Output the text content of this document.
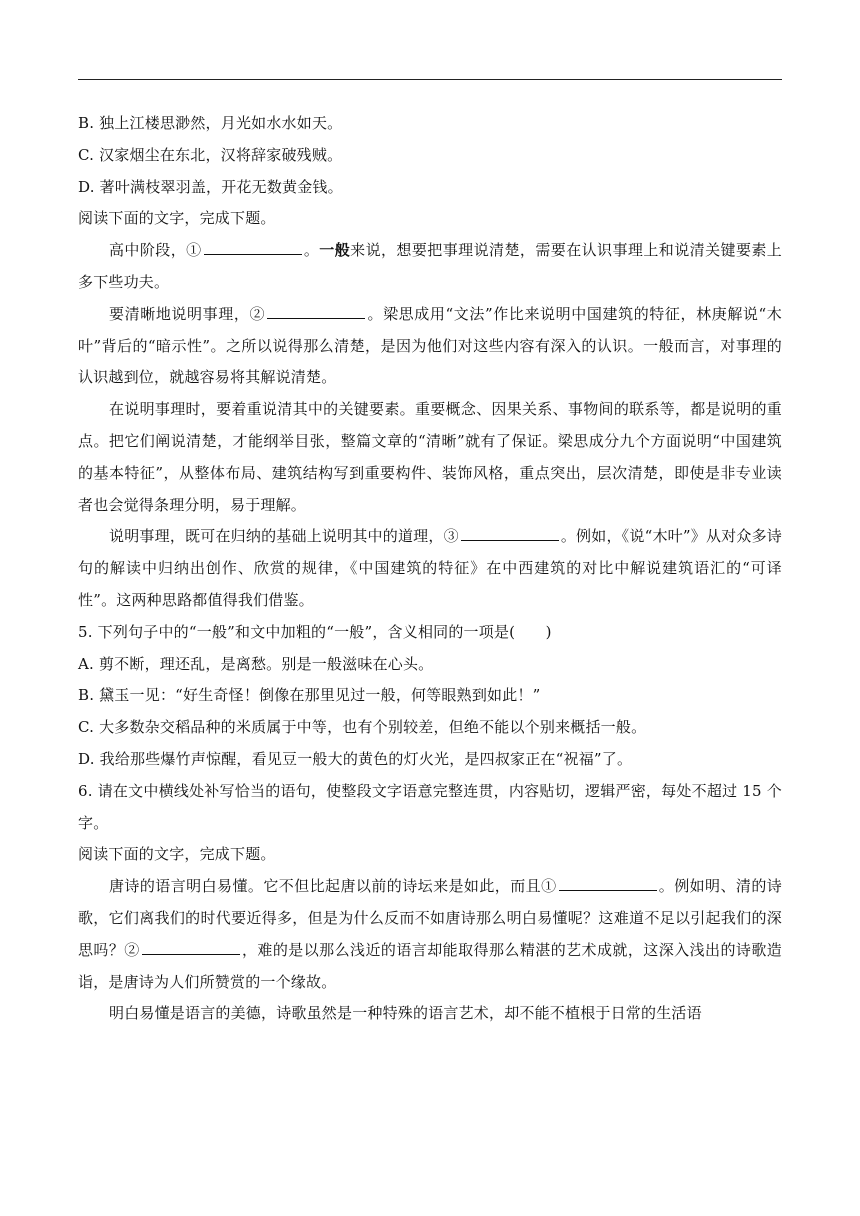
B. 独上江楼思渺然，月光如水水如天。

C. 汉家烟尘在东北，汉将辞家破残贼。

D. 著叶满枝翠羽盖，开花无数黄金钱。

阅读下面的文字，完成下题。

高中阶段，①	。一般来说，想要把事理说清楚，需要在认识事理上和说清关键要素上多下些功夫。

要清晰地说明事理，②	。梁思成用“文法”作比来说明中国建筑的特征，林庚解说“木叶”背后的“暗示性”。之所以说得那么清楚，是因为他们对这些内容有深入的认识。一般而言，对事理的认识越到位，就越容易将其解说清楚。

在说明事理时，要着重说清其中的关键要素。重要概念、因果关系、事物间的联系等，都是说明的重点。把它们阐说清楚，才能纲举目张，整篇文章的“清晰”就有了保证。梁思成分九个方面说明“中国建筑的基本特征”，从整体布局、建筑结构写到重要构件、装饰风格，重点突出，层次清楚，即使是非专业读者也会觉得条理分明，易于理解。

说明事理，既可在归纳的基础上说明其中的道理，③	。例如，《说“木叶”》从对众多诗句的解读中归纳出创作、欣赏的规律，《中国建筑的特征》在中西建筑的对比中解说建筑语汇的“可译性”。这两种思路都值得我们借鉴。

5. 下列句子中的“一般”和文中加粗的“一般”，含义相同的一项是(　　)

A. 剪不断，理还乱，是离愁。别是一般滋味在心头。

B. 黛玉一见：“好生奇怪！倒像在那里见过一般，何等眼熟到如此！”

C. 大多数杂交稻品种的米质属于中等，也有个别较差，但绝不能以个别来概括一般。

D. 我给那些爆竹声惊醒，看见豆一般大的黄色的灯火光，是四叔家正在“祝福”了。

6. 请在文中横线处补写恰当的语句，使整段文字语意完整连贯，内容贴切，逻辑严密，每处不超过 15 个字。

阅读下面的文字，完成下题。

唐诗的语言明白易懂。它不但比起唐以前的诗坛来是如此，而且①	。例如明、清的诗歌，它们离我们的时代要近得多，但是为什么反而不如唐诗那么明白易懂呢？这难道不足以引起我们的深思吗？②	，难的是以那么浅近的语言却能取得那么精湛的艺术成就，这深入浅出的诗歌造诣，是唐诗为人们所赞赏的一个缘故。

明白易懂是语言的美德，诗歌虽然是一种特殊的语言艺术，却不能不植根于日常的生活语
